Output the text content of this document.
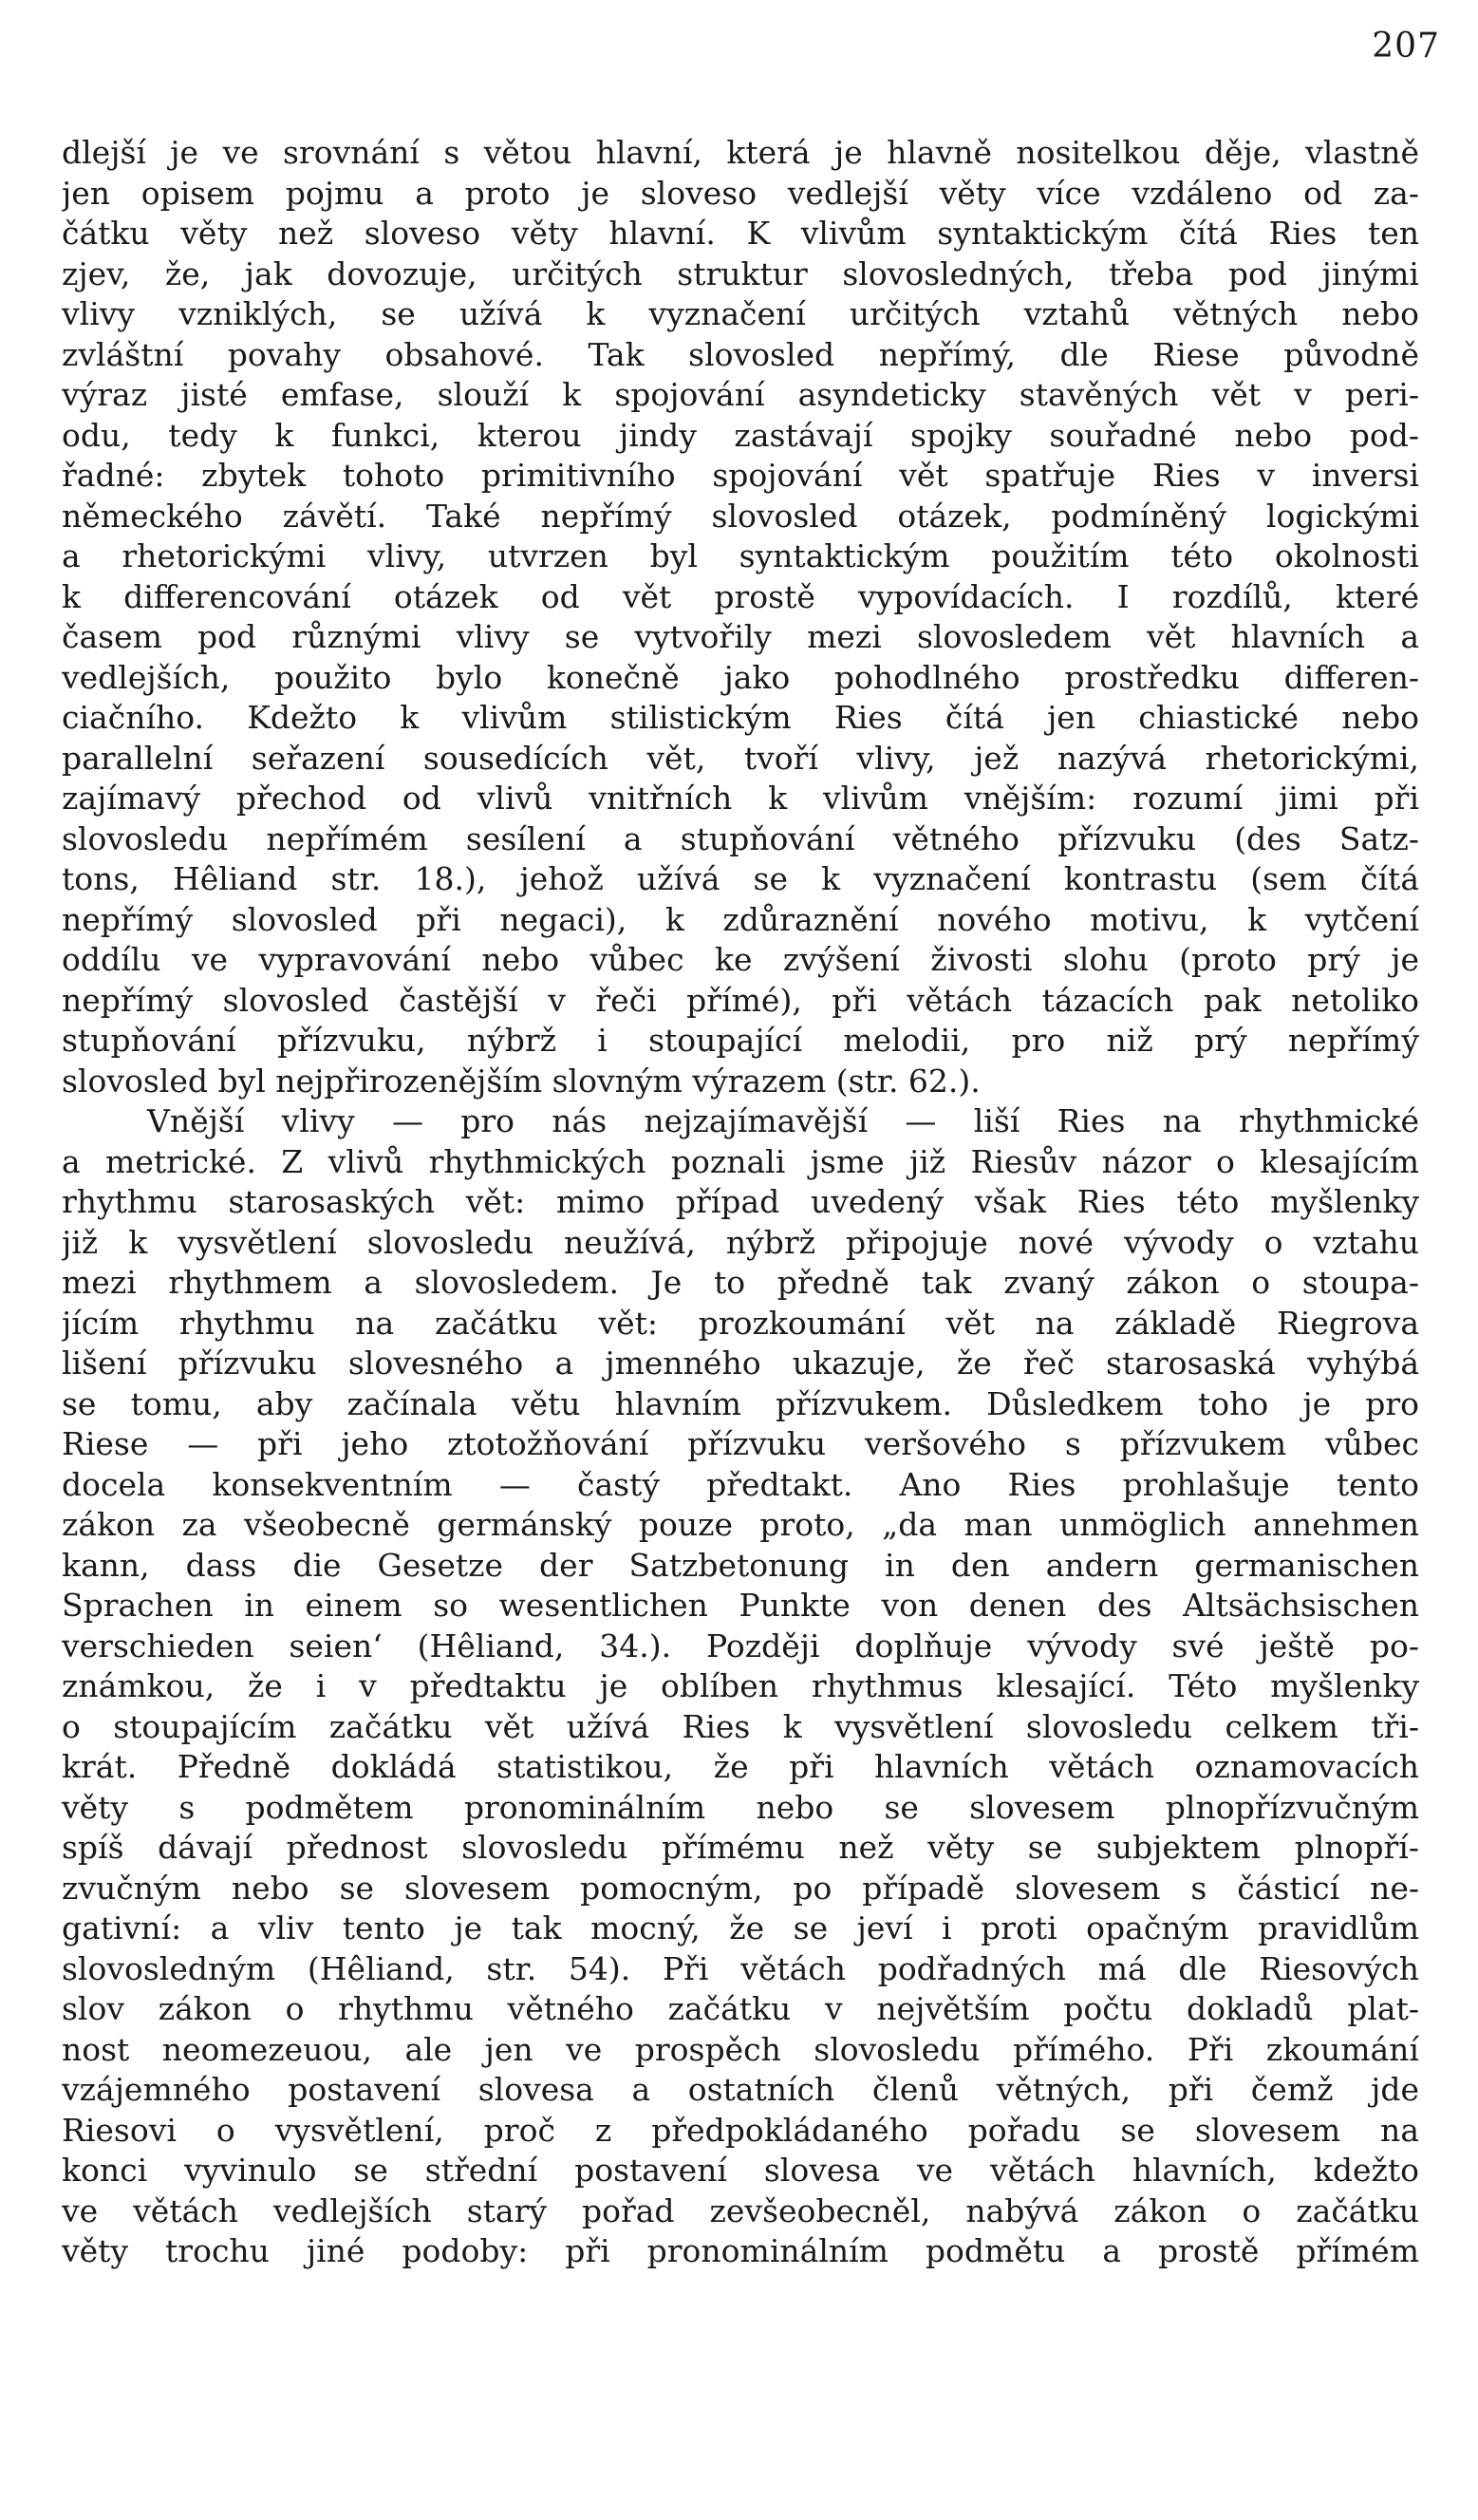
207
dlejší je ve srovnání s větou hlavní, která je hlavně nositelkou děje, vlastně
jen opisem pojmu a proto je sloveso vedlejší věty více vzdáleno od za-
čátku věty než sloveso věty hlavní. K vlivům syntaktickým čítá Ries ten
zjev, že, jak dovozuje, určitých struktur slovosledných, třeba pod jinými
vlivy vzniklých, se užívá k vyznačení určitých vztahů větných nebo
zvláštní povahy obsahové. Tak slovosled nepřímý, dle Riese původně
výraz jisté emfase, slouží k spojování asyndeticky stavěných vět v peri-
odu, tedy k funkci, kterou jindy zastávají spojky souřadné nebo pod-
řadné: zbytek tohoto primitivního spojování vět spatřuje Ries v inversi
německého závětí. Také nepřímý slovosled otázek, podmíněný logickými
a rhetorickými vlivy, utvrzen byl syntaktickým použitím této okolnosti
k differencování otázek od vět prostě vypovídacích. I rozdílů, které
časem pod různými vlivy se vytvořily mezi slovosledem vět hlavních a
vedlejších, použito bylo konečně jako pohodlného prostředku differen-
ciačního. Kdežto k vlivům stilistickým Ries čítá jen chiastické nebo
parallelní seřazení sousedících vět, tvoří vlivy, jež nazývá rhetorickými,
zajímavý přechod od vlivů vnitřních k vlivům vnějším: rozumí jimi při
slovosledu nepřímém sesílení a stupňování větného přízvuku (des Satz-
tons, Hêliand str. 18.), jehož užívá se k vyznačení kontrastu (sem čítá
nepřímý slovosled při negaci), k zdůraznění nového motivu, k vytčení
oddílu ve vypravování nebo vůbec ke zvýšení živosti slohu (proto prý je
nepřímý slovosled častější v řeči přímé), při větách tázacích pak netoliko
stupňování přízvuku, nýbrž i stoupající melodii, pro niž prý nepřímý
slovosled byl nejpřirozenějším slovným výrazem (str. 62.).
Vnější vlivy — pro nás nejzajímavější — liší Ries na rhythmické
a metrické. Z vlivů rhythmických poznali jsme již Riesův názor o klesajícím
rhythmu starosaských vět: mimo případ uvedený však Ries této myšlenky
již k vysvětlení slovosledu neužívá, nýbrž připojuje nové vývody o vztahu
mezi rhythmem a slovosledem. Je to předně tak zvaný zákon o stoupa-
jícím rhythmu na začátku vět: prozkoumání vět na základě Riegrova
lišení přízvuku slovesného a jmenného ukazuje, že řeč starosaská vyhýbá
se tomu, aby začínala větu hlavním přízvukem. Důsledkem toho je pro
Riese — při jeho ztotožňování přízvuku veršového s přízvukem vůbec
docela konsekventním — častý předtakt. Ano Ries prohlašuje tento
zákon za všeobecně germánský pouze proto, „da man unmöglich annehmen
kann, dass die Gesetze der Satzbetonung in den andern germanischen
Sprachen in einem so wesentlichen Punkte von denen des Altsächsischen
verschieden seien‘ (Hêliand, 34.). Později doplňuje vývody své ještě po-
známkou, že i v předtaktu je oblíben rhythmus klesající. Této myšlenky
o stoupajícím začátku vět užívá Ries k vysvětlení slovosledu celkem tři-
krát. Předně dokládá statistikou, že při hlavních větách oznamovacích
věty s podmětem pronominálním nebo se slovesem plnopřízvučným
spíš dávají přednost slovosledu přímému než věty se subjektem plnopří-
zvučným nebo se slovesem pomocným, po případě slovesem s částicí ne-
gativní: a vliv tento je tak mocný, že se jeví i proti opačným pravidlům
slovosledným (Hêliand, str. 54). Při větách podřadných má dle Riesových
slov zákon o rhythmu větného začátku v největším počtu dokladů plat-
nost neomezeuou, ale jen ve prospěch slovosledu přímého. Při zkoumání
vzájemného postavení slovesa a ostatních členů větných, při čemž jde
Riesovi o vysvětlení, proč z předpokládaného pořadu se slovesem na
konci vyvinulo se střední postavení slovesa ve větách hlavních, kdežto
ve větách vedlejších starý pořad zevšeobecněl, nabývá zákon o začátku
věty trochu jiné podoby: při pronominálním podmětu a prostě přímém
